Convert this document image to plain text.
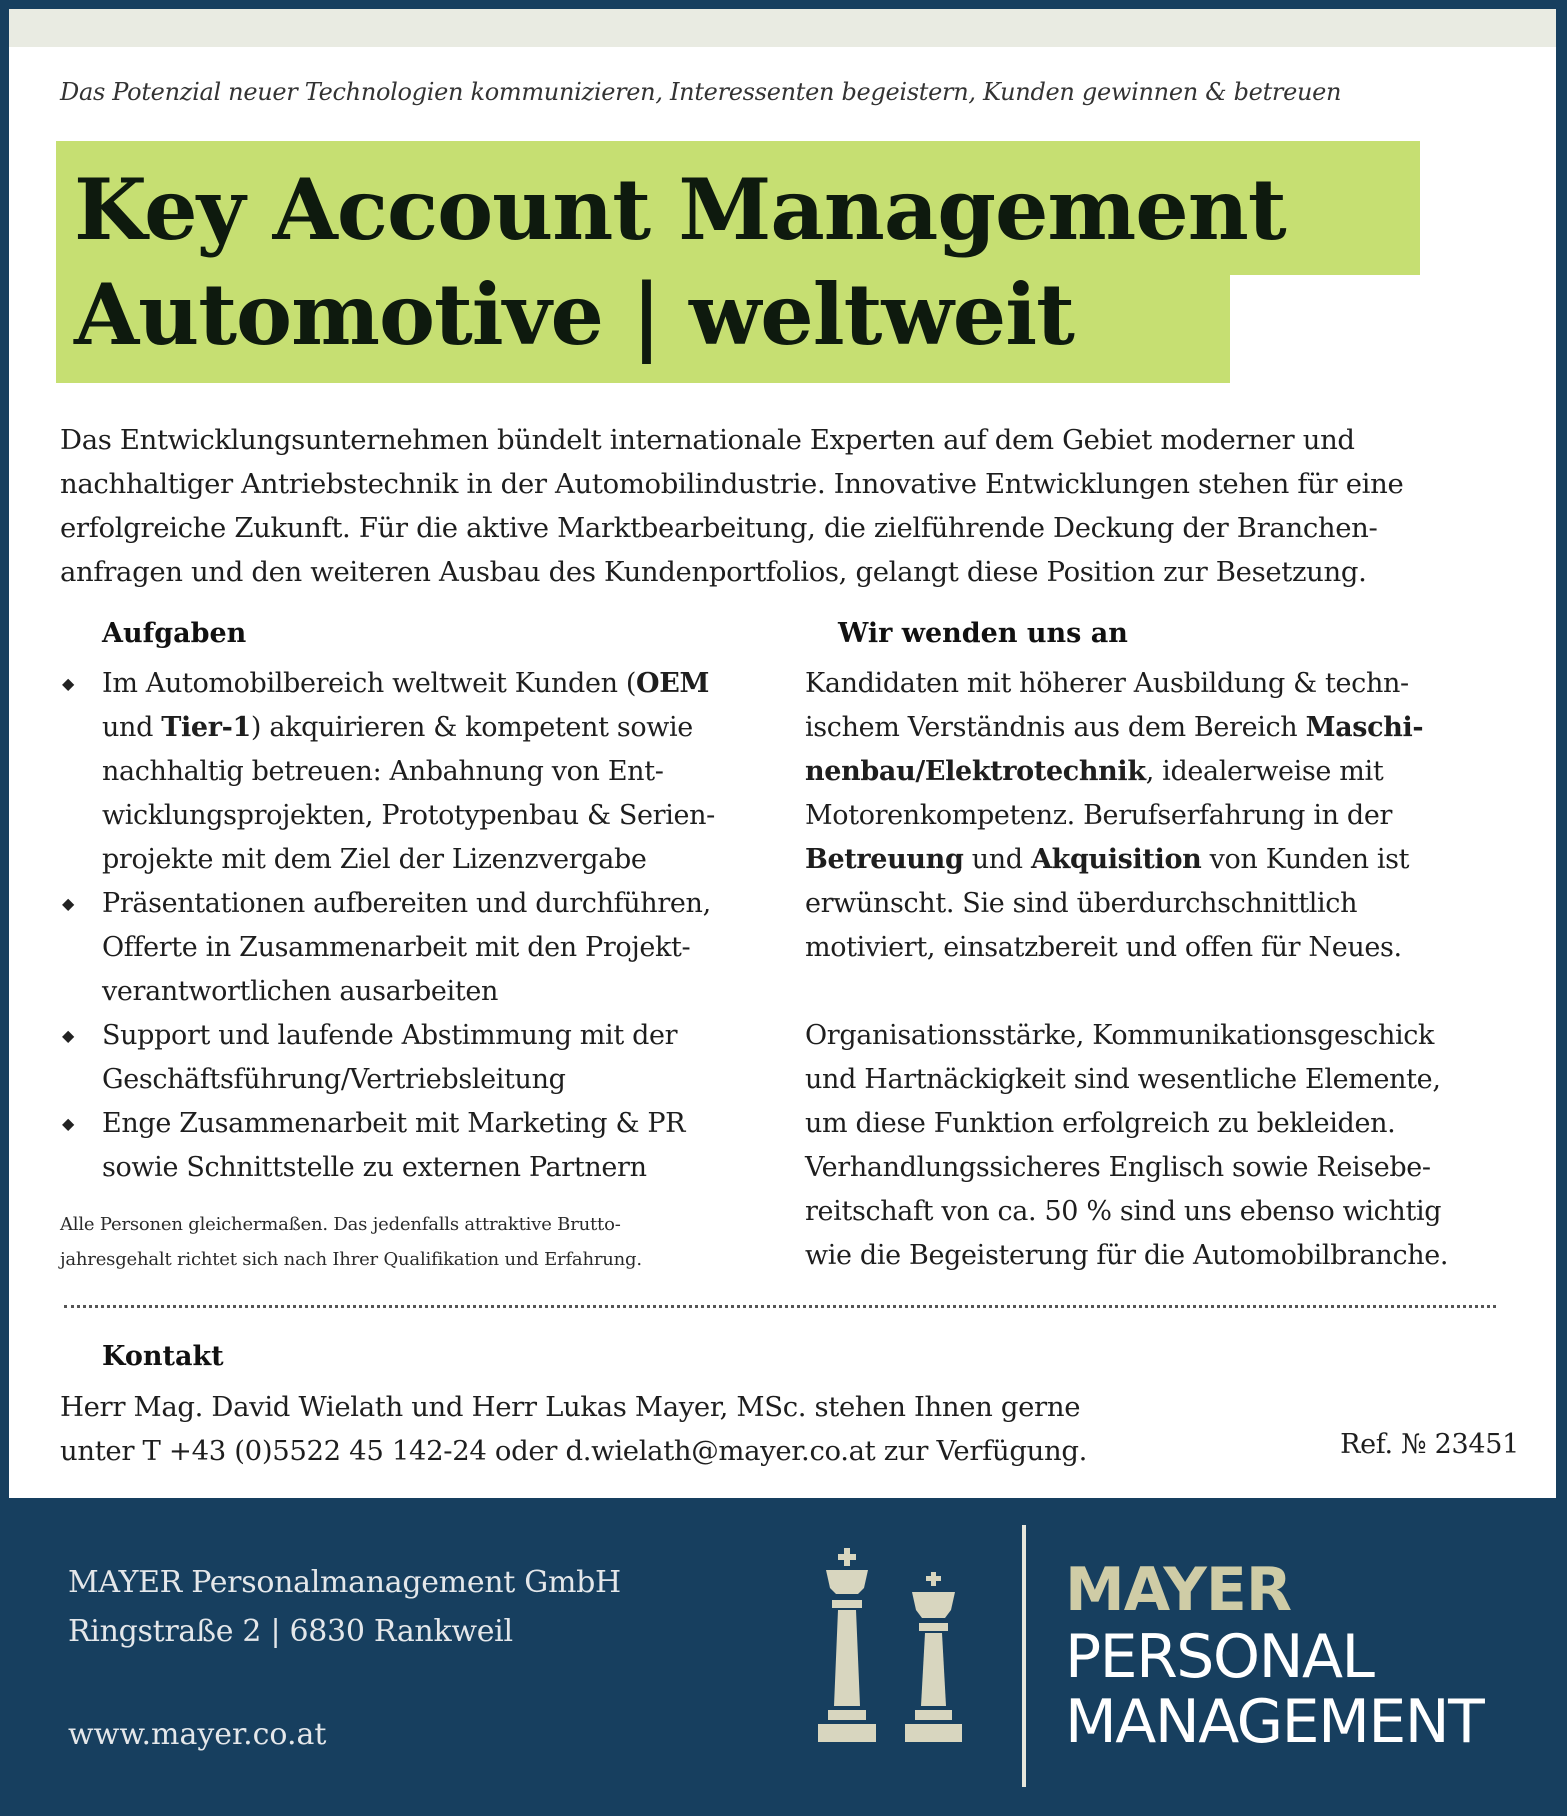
Das Potenzial neuer Technologien kommunizieren, Interessenten begeistern, Kunden gewinnen & betreuen
Key Account Management
Automotive | weltweit
Das Entwicklungsunternehmen bündelt internationale Experten auf dem Gebiet moderner und
nachhaltiger Antriebstechnik in der Automobilindustrie. Innovative Entwicklungen stehen für eine
erfolgreiche Zukunft. Für die aktive Marktbearbeitung, die zielführende Deckung der Branchen-
anfragen und den weiteren Ausbau des Kundenportfolios, gelangt diese Position zur Besetzung.
Aufgaben	Wir wenden uns an
◆ Im Automobilbereich weltweit Kunden (OEM
und Tier-1) akquirieren & kompetent sowie
nachhaltig betreuen: Anbahnung von Ent-
wicklungsprojekten, Prototypenbau & Serien-
projekte mit dem Ziel der Lizenzvergabe
◆ Präsentationen aufbereiten und durchführen,
Offerte in Zusammenarbeit mit den Projekt-
verantwortlichen ausarbeiten
◆ Support und laufende Abstimmung mit der
Geschäftsführung/Vertriebsleitung
◆ Enge Zusammenarbeit mit Marketing & PR
sowie Schnittstelle zu externen Partnern
Alle Personen gleichermaßen. Das jedenfalls attraktive Brutto-
jahresgehalt richtet sich nach Ihrer Qualifikation und Erfahrung.
Kandidaten mit höherer Ausbildung & techn-
ischem Verständnis aus dem Bereich Maschi-
nenbau/Elektrotechnik, idealerweise mit
Motorenkompetenz. Berufserfahrung in der
Betreuung und Akquisition von Kunden ist
erwünscht. Sie sind überdurchschnittlich
motiviert, einsatzbereit und offen für Neues.
Organisationsstärke, Kommunikationsgeschick
und Hartnäckigkeit sind wesentliche Elemente,
um diese Funktion erfolgreich zu bekleiden.
Verhandlungssicheres Englisch sowie Reisebe-
reitschaft von ca. 50 % sind uns ebenso wichtig
wie die Begeisterung für die Automobilbranche.
Kontakt
Herr Mag. David Wielath und Herr Lukas Mayer, MSc. stehen Ihnen gerne
unter T +43 (0)5522 45 142-24 oder d.wielath@mayer.co.at zur Verfügung.	Ref. № 23451
MAYER Personalmanagement GmbH
Ringstraße 2 | 6830 Rankweil
www.mayer.co.at
MAYER
PERSONAL
MANAGEMENT
